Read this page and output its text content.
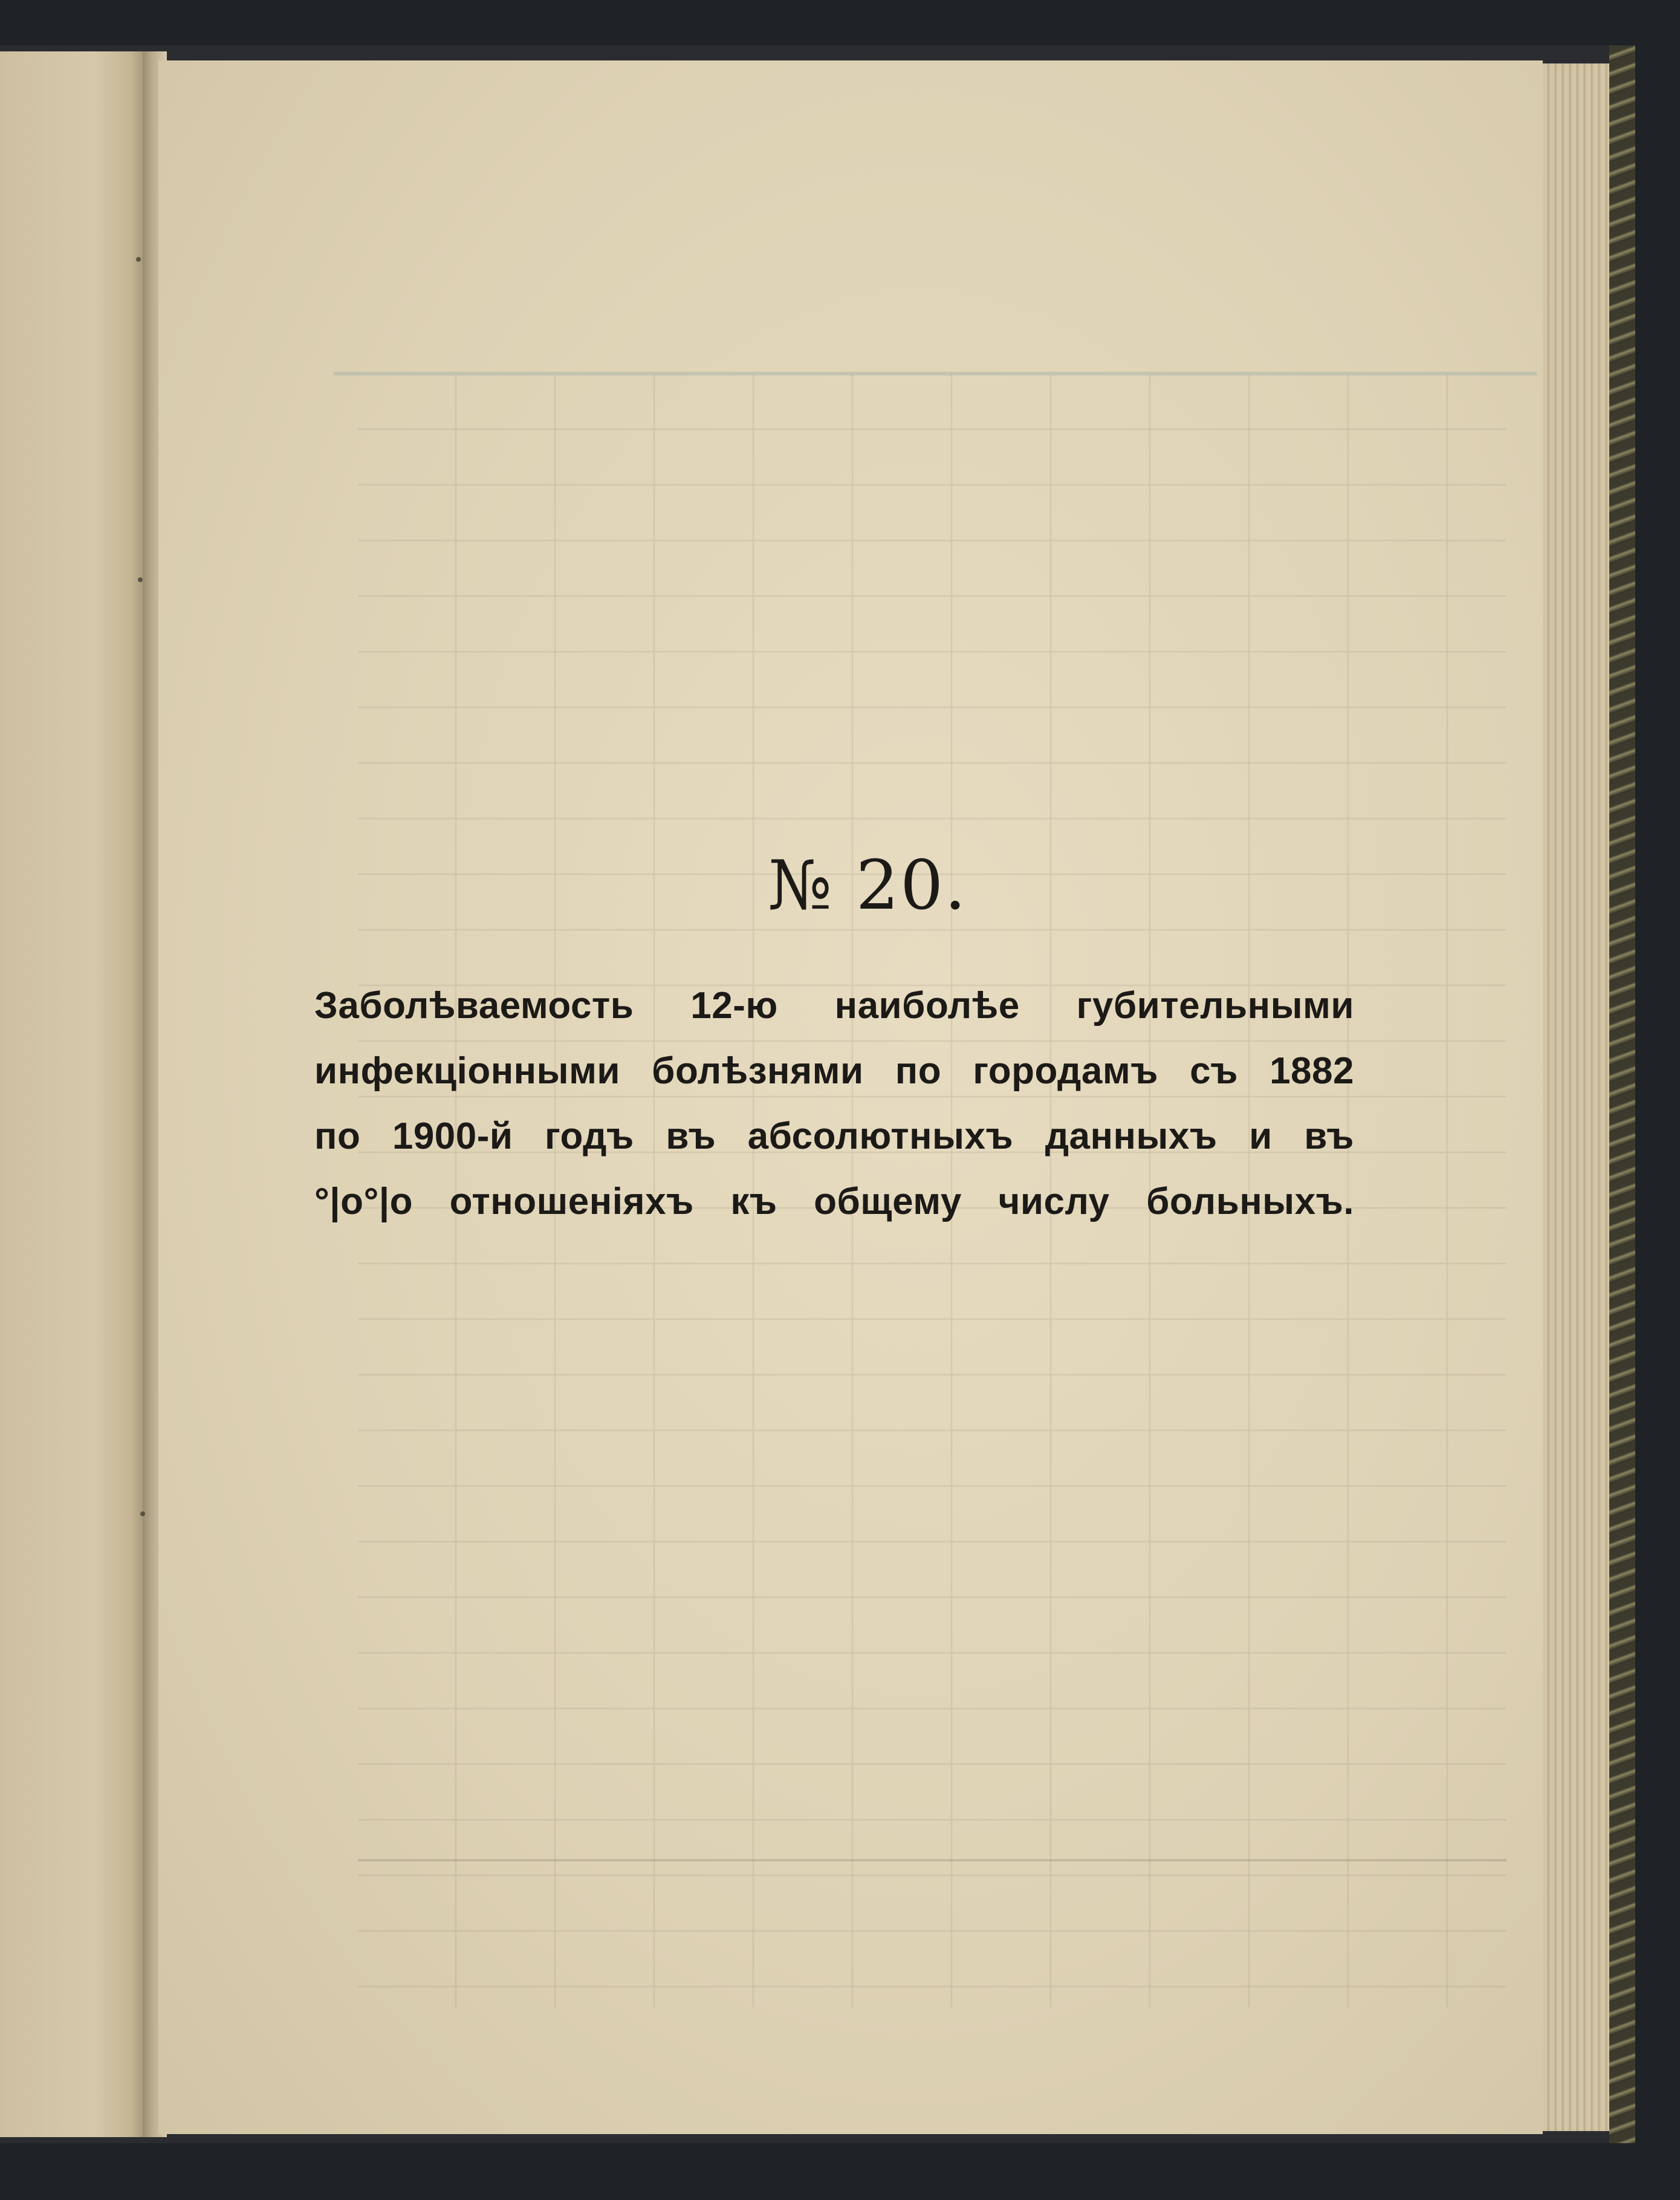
№ 20.

Заболѣваемость 12-ю наиболѣе губительными
инфекціонными болѣзнями по городамъ съ 1882
по 1900-й годъ въ абсолютныхъ данныхъ и въ
°|o°|o отношеніяхъ къ общему числу больныхъ.
